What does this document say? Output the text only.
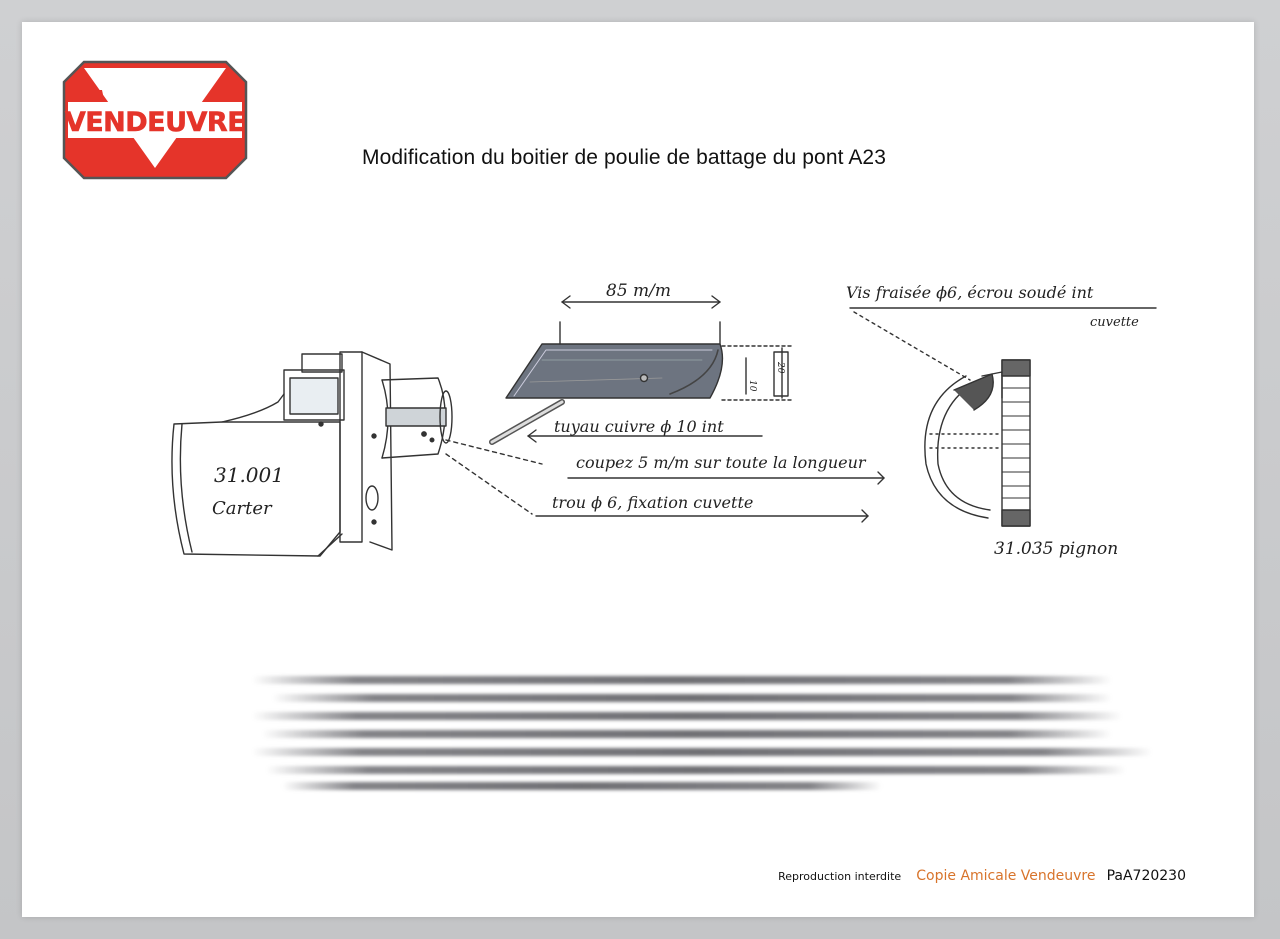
VENDEUVRE
Modification du boitier de poulie de battage du pont A23
85 m/m
10
20
tuyau cuivre ϕ 10 int
coupez 5 m/m sur toute la longueur
trou ϕ 6, fixation cuvette
Vis fraisée ϕ6, écrou soudé int
cuvette
31.001
Carter
31.035 pignon
Reproduction interdite Copie Amicale Vendeuvre PaA720230
